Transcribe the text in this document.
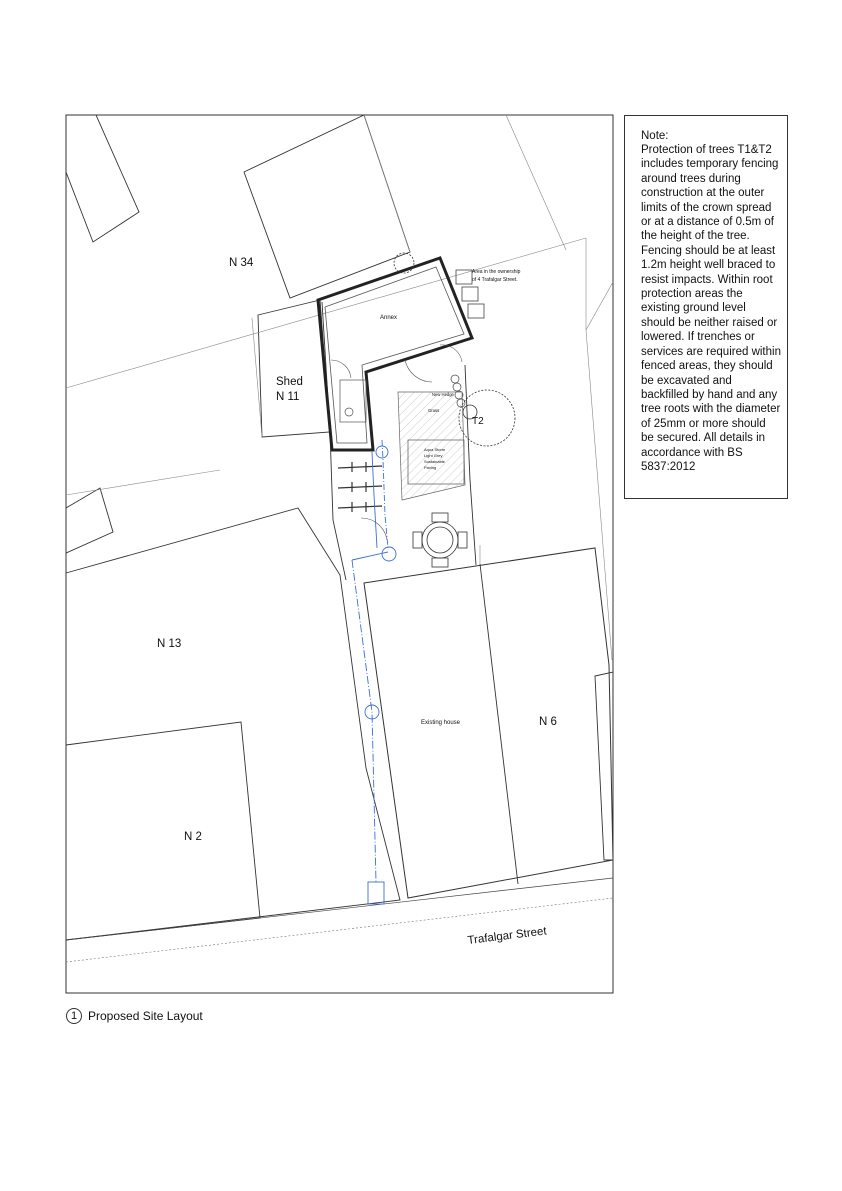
N 34
Shed
N 11
N 13
N 2
N 6
Annex
Existing house
Area in the ownership
of 4 Trafalgar Street.
New Hedge
Grass
Aqua Storm
Light Grey
Sustainable
Paving
T2
Trafalgar Street
Note:
Protection of trees T1&T2 includes temporary fencing around trees during construction at the outer limits of the crown spread or at a distance of 0.5m of the height of the tree. Fencing should be at least 1.2m height well braced to resist impacts. Within root protection areas the existing ground level should be neither raised or lowered. If trenches or services are required within fenced areas, they should be excavated and backfilled by hand and any tree roots with the diameter of 25mm or more should be secured. All details in accordance with BS 5837:2012
1 Proposed Site Layout
